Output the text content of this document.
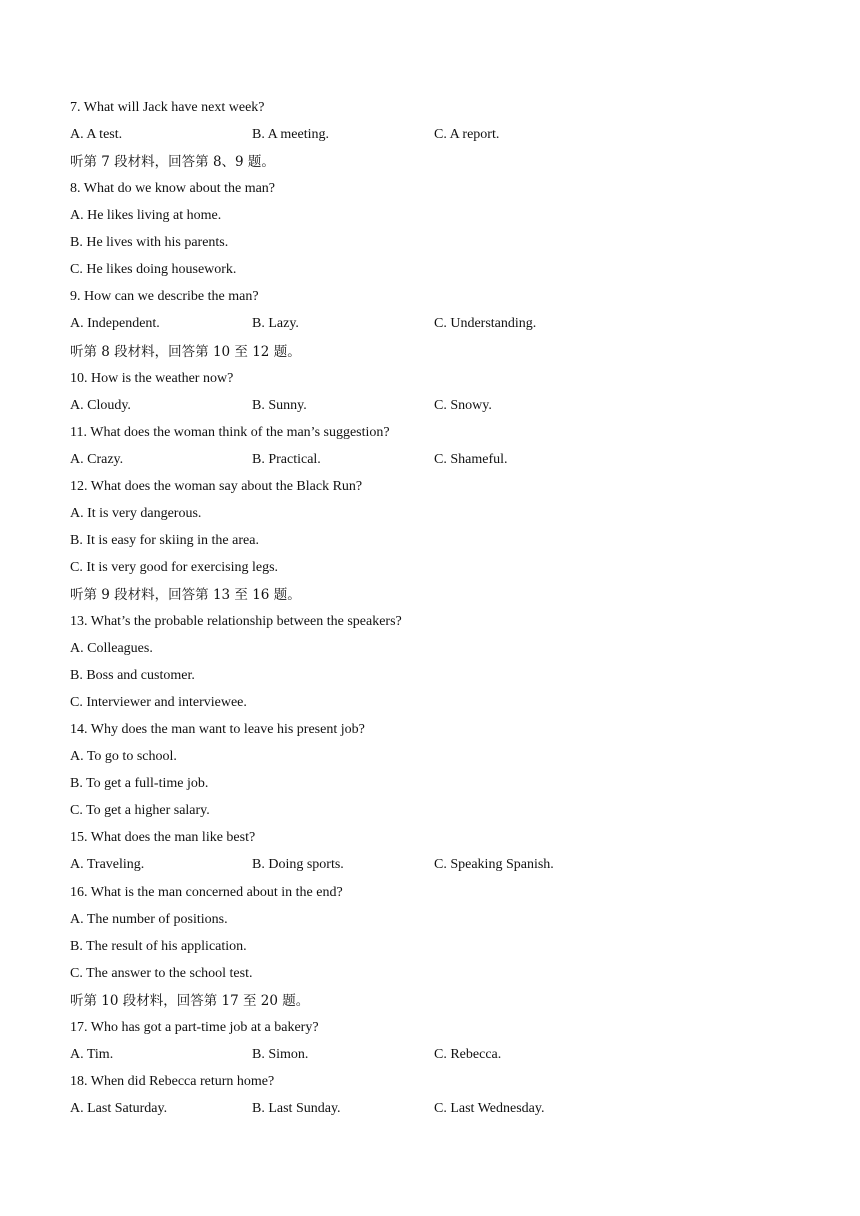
7. What will Jack have next week?
A. A test.	B. A meeting.	C. A report.
听第 7 段材料，回答第 8、9 题。
8. What do we know about the man?
A. He likes living at home.
B. He lives with his parents.
C. He likes doing housework.
9. How can we describe the man?
A. Independent.	B. Lazy.	C. Understanding.
听第 8 段材料，回答第 10 至 12 题。
10. How is the weather now?
A. Cloudy.	B. Sunny.	C. Snowy.
11. What does the woman think of the man’s suggestion?
A. Crazy.	B. Practical.	C. Shameful.
12. What does the woman say about the Black Run?
A. It is very dangerous.
B. It is easy for skiing in the area.
C. It is very good for exercising legs.
听第 9 段材料，回答第 13 至 16 题。
13. What’s the probable relationship between the speakers?
A. Colleagues.
B. Boss and customer.
C. Interviewer and interviewee.
14. Why does the man want to leave his present job?
A. To go to school.
B. To get a full-time job.
C. To get a higher salary.
15. What does the man like best?
A. Traveling.	B. Doing sports.	C. Speaking Spanish.
16. What is the man concerned about in the end?
A. The number of positions.
B. The result of his application.
C. The answer to the school test.
听第 10 段材料，回答第 17 至 20 题。
17. Who has got a part-time job at a bakery?
A. Tim.	B. Simon.	C. Rebecca.
18. When did Rebecca return home?
A. Last Saturday.	B. Last Sunday.	C. Last Wednesday.
